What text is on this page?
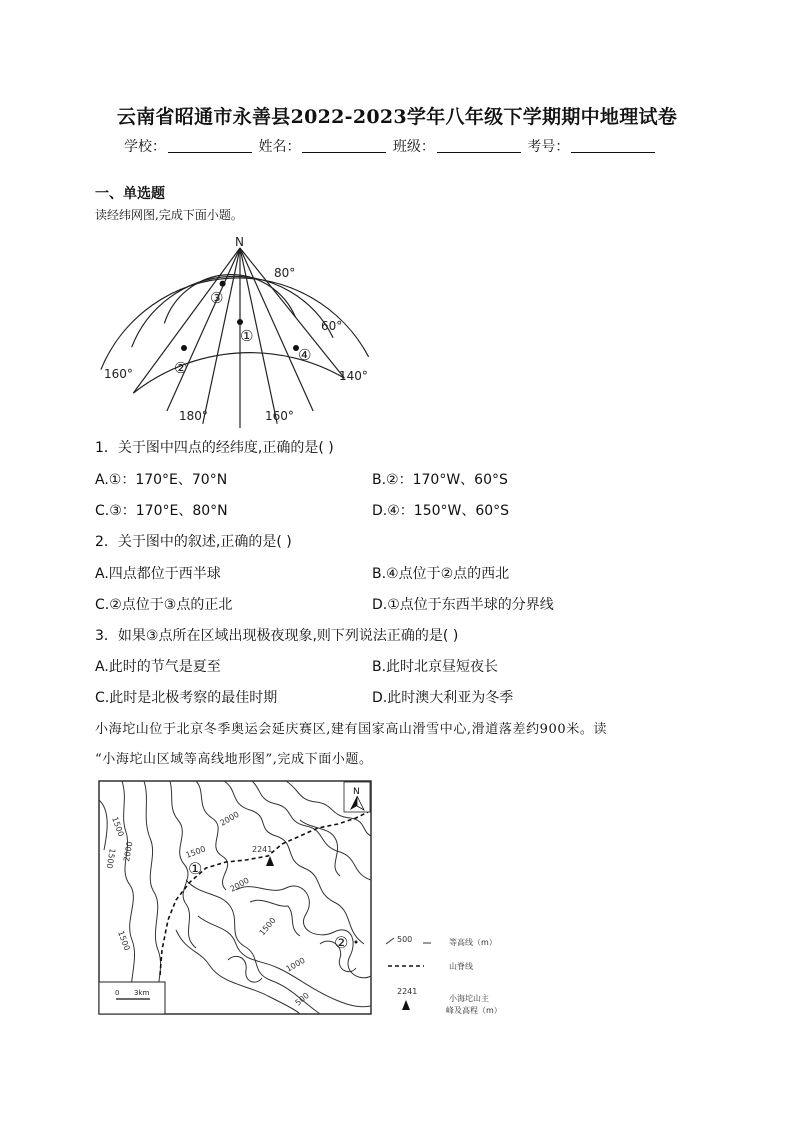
云南省昭通市永善县2022-2023学年八年级下学期期中地理试卷
学校：	姓名：	班级：	考号：
一、单选题
读经纬网图,完成下面小题。
N
80°
60°
160°	140°
180°	160°
③
①
②
④
1．关于图中四点的经纬度,正确的是( )
A.①：170°E、70°N	B.②：170°W、60°S
C.③：170°E、80°N	D.④：150°W、60°S
2．关于图中的叙述,正确的是( )
A.四点都位于西半球	B.④点位于②点的西北
C.②点位于③点的正北	D.①点位于东西半球的分界线
3．如果③点所在区域出现极夜现象,则下列说法正确的是( )
A.此时的节气是夏至	B.此时北京昼短夜长
C.此时是北极考察的最佳时期	D.此时澳大利亚为冬季
小海坨山位于北京冬季奥运会延庆赛区,建有国家高山滑雪中心,滑道落差约900米。读
“小海坨山区域等高线地形图”,完成下面小题。
2241
1500	2000
1500
2000
1500
2000
1500
1500
1000
500
①
②
N
0 3km
500	等高线（m）
山脊线
2241
小海坨山主
峰及高程（m）
